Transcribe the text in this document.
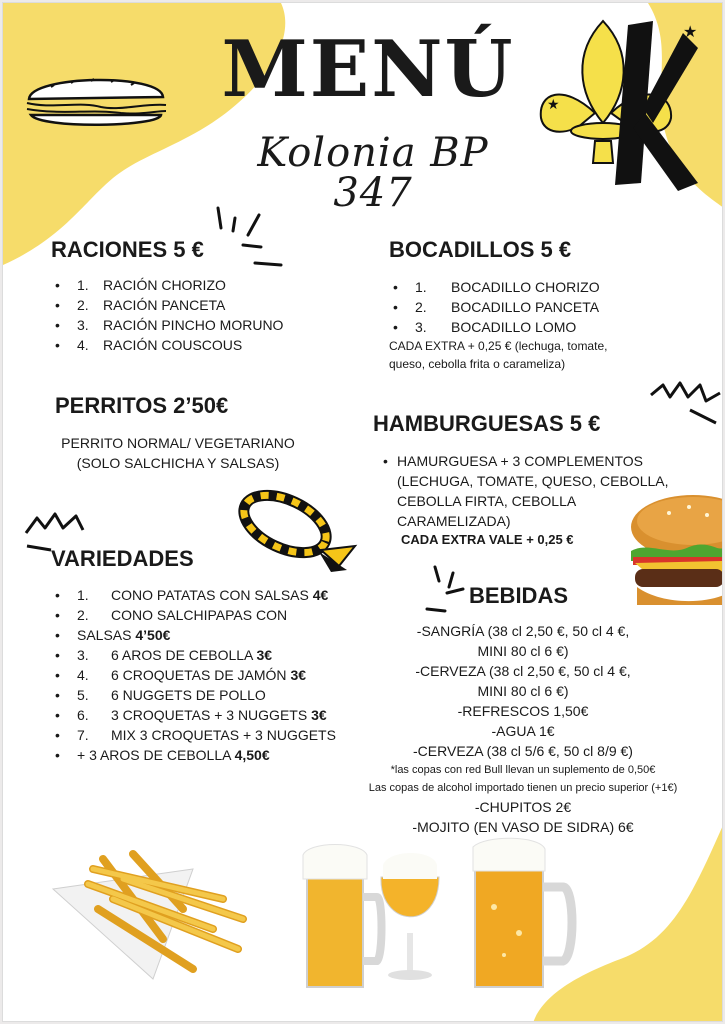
MENÚ
Kolonia BP 347
★
★
RACIONES 5 €
• 1. RACIÓN CHORIZO
• 2. RACIÓN PANCETA
• 3. RACIÓN PINCHO MORUNO
• 4. RACIÓN COUSCOUS
BOCADILLOS 5 €
• 1. BOCADILLO CHORIZO
• 2. BOCADILLO PANCETA
• 3. BOCADILLO LOMO
CADA EXTRA + 0,25 € (lechuga, tomate,
queso, cebolla frita o carameliza)
PERRITOS 2’50€
PERRITO NORMAL/ VEGETARIANO
(SOLO SALCHICHA Y SALSAS)
HAMBURGUESAS 5 €
• HAMURGUESA + 3 COMPLEMENTOS
(LECHUGA, TOMATE, QUESO, CEBOLLA,
CEBOLLA FIRTA, CEBOLLA
CARAMELIZADA)
CADA EXTRA VALE + 0,25 €
VARIEDADES
• 1. CONO PATATAS CON SALSAS 4€
• 2. CONO SALCHIPAPAS CON
• SALSAS 4’50€
• 3. 6 AROS DE CEBOLLA 3€
• 4. 6 CROQUETAS DE JAMÓN 3€
• 5. 6 NUGGETS DE POLLO
• 6. 3 CROQUETAS + 3 NUGGETS 3€
• 7. MIX 3 CROQUETAS + 3 NUGGETS
• + 3 AROS DE CEBOLLA 4,50€
BEBIDAS
-SANGRÍA (38 cl 2,50 €, 50 cl 4 €,
MINI 80 cl 6 €)
-CERVEZA (38 cl 2,50 €, 50 cl 4 €,
MINI 80 cl 6 €)
-REFRESCOS 1,50€
-AGUA 1€
-CERVEZA (38 cl 5/6 €, 50 cl 8/9 €)
*las copas con red Bull llevan un suplemento de 0,50€
Las copas de alcohol importado tienen un precio superior (+1€)
-CHUPITOS 2€
-MOJITO (EN VASO DE SIDRA) 6€
